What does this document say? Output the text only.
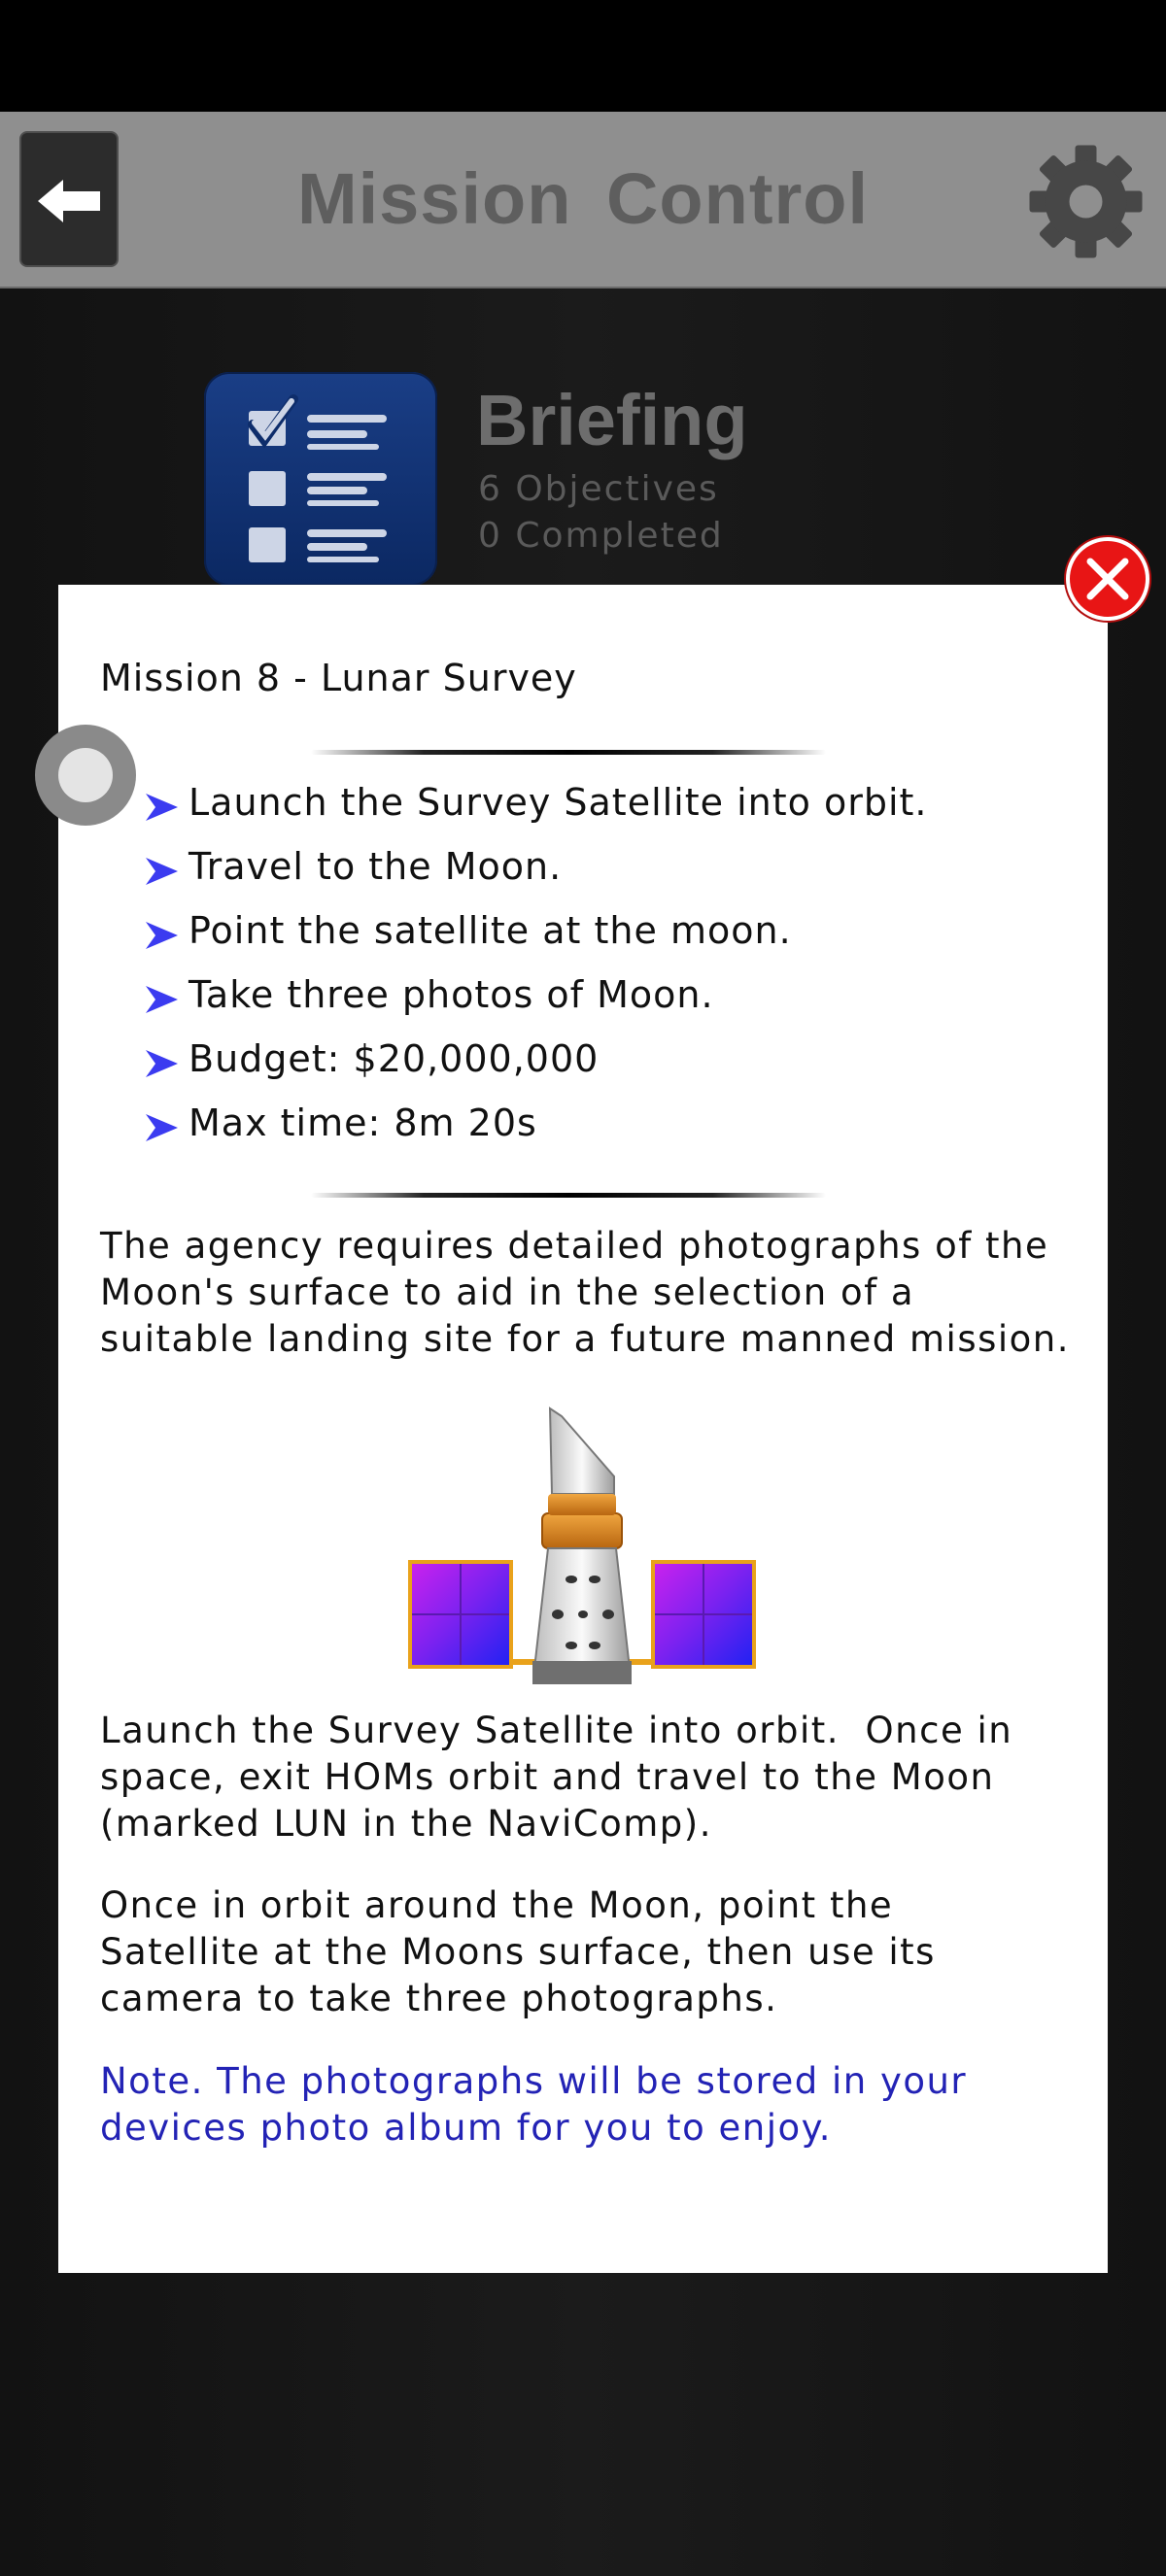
Mission Control
Briefing
6 Objectives
0 Completed
Mission 8 - Lunar Survey
Launch the Survey Satellite into orbit.
Travel to the Moon.
Point the satellite at the moon.
Take three photos of Moon.
Budget: $20,000,000
Max time: 8m 20s
The agency requires detailed photographs of the
Moon's surface to aid in the selection of a
suitable landing site for a future manned mission.
Launch the Survey Satellite into orbit.  Once in
space, exit HOMs orbit and travel to the Moon
(marked LUN in the NaviComp).
Once in orbit around the Moon, point the
Satellite at the Moons surface, then use its
camera to take three photographs.
Note. The photographs will be stored in your
devices photo album for you to enjoy.
